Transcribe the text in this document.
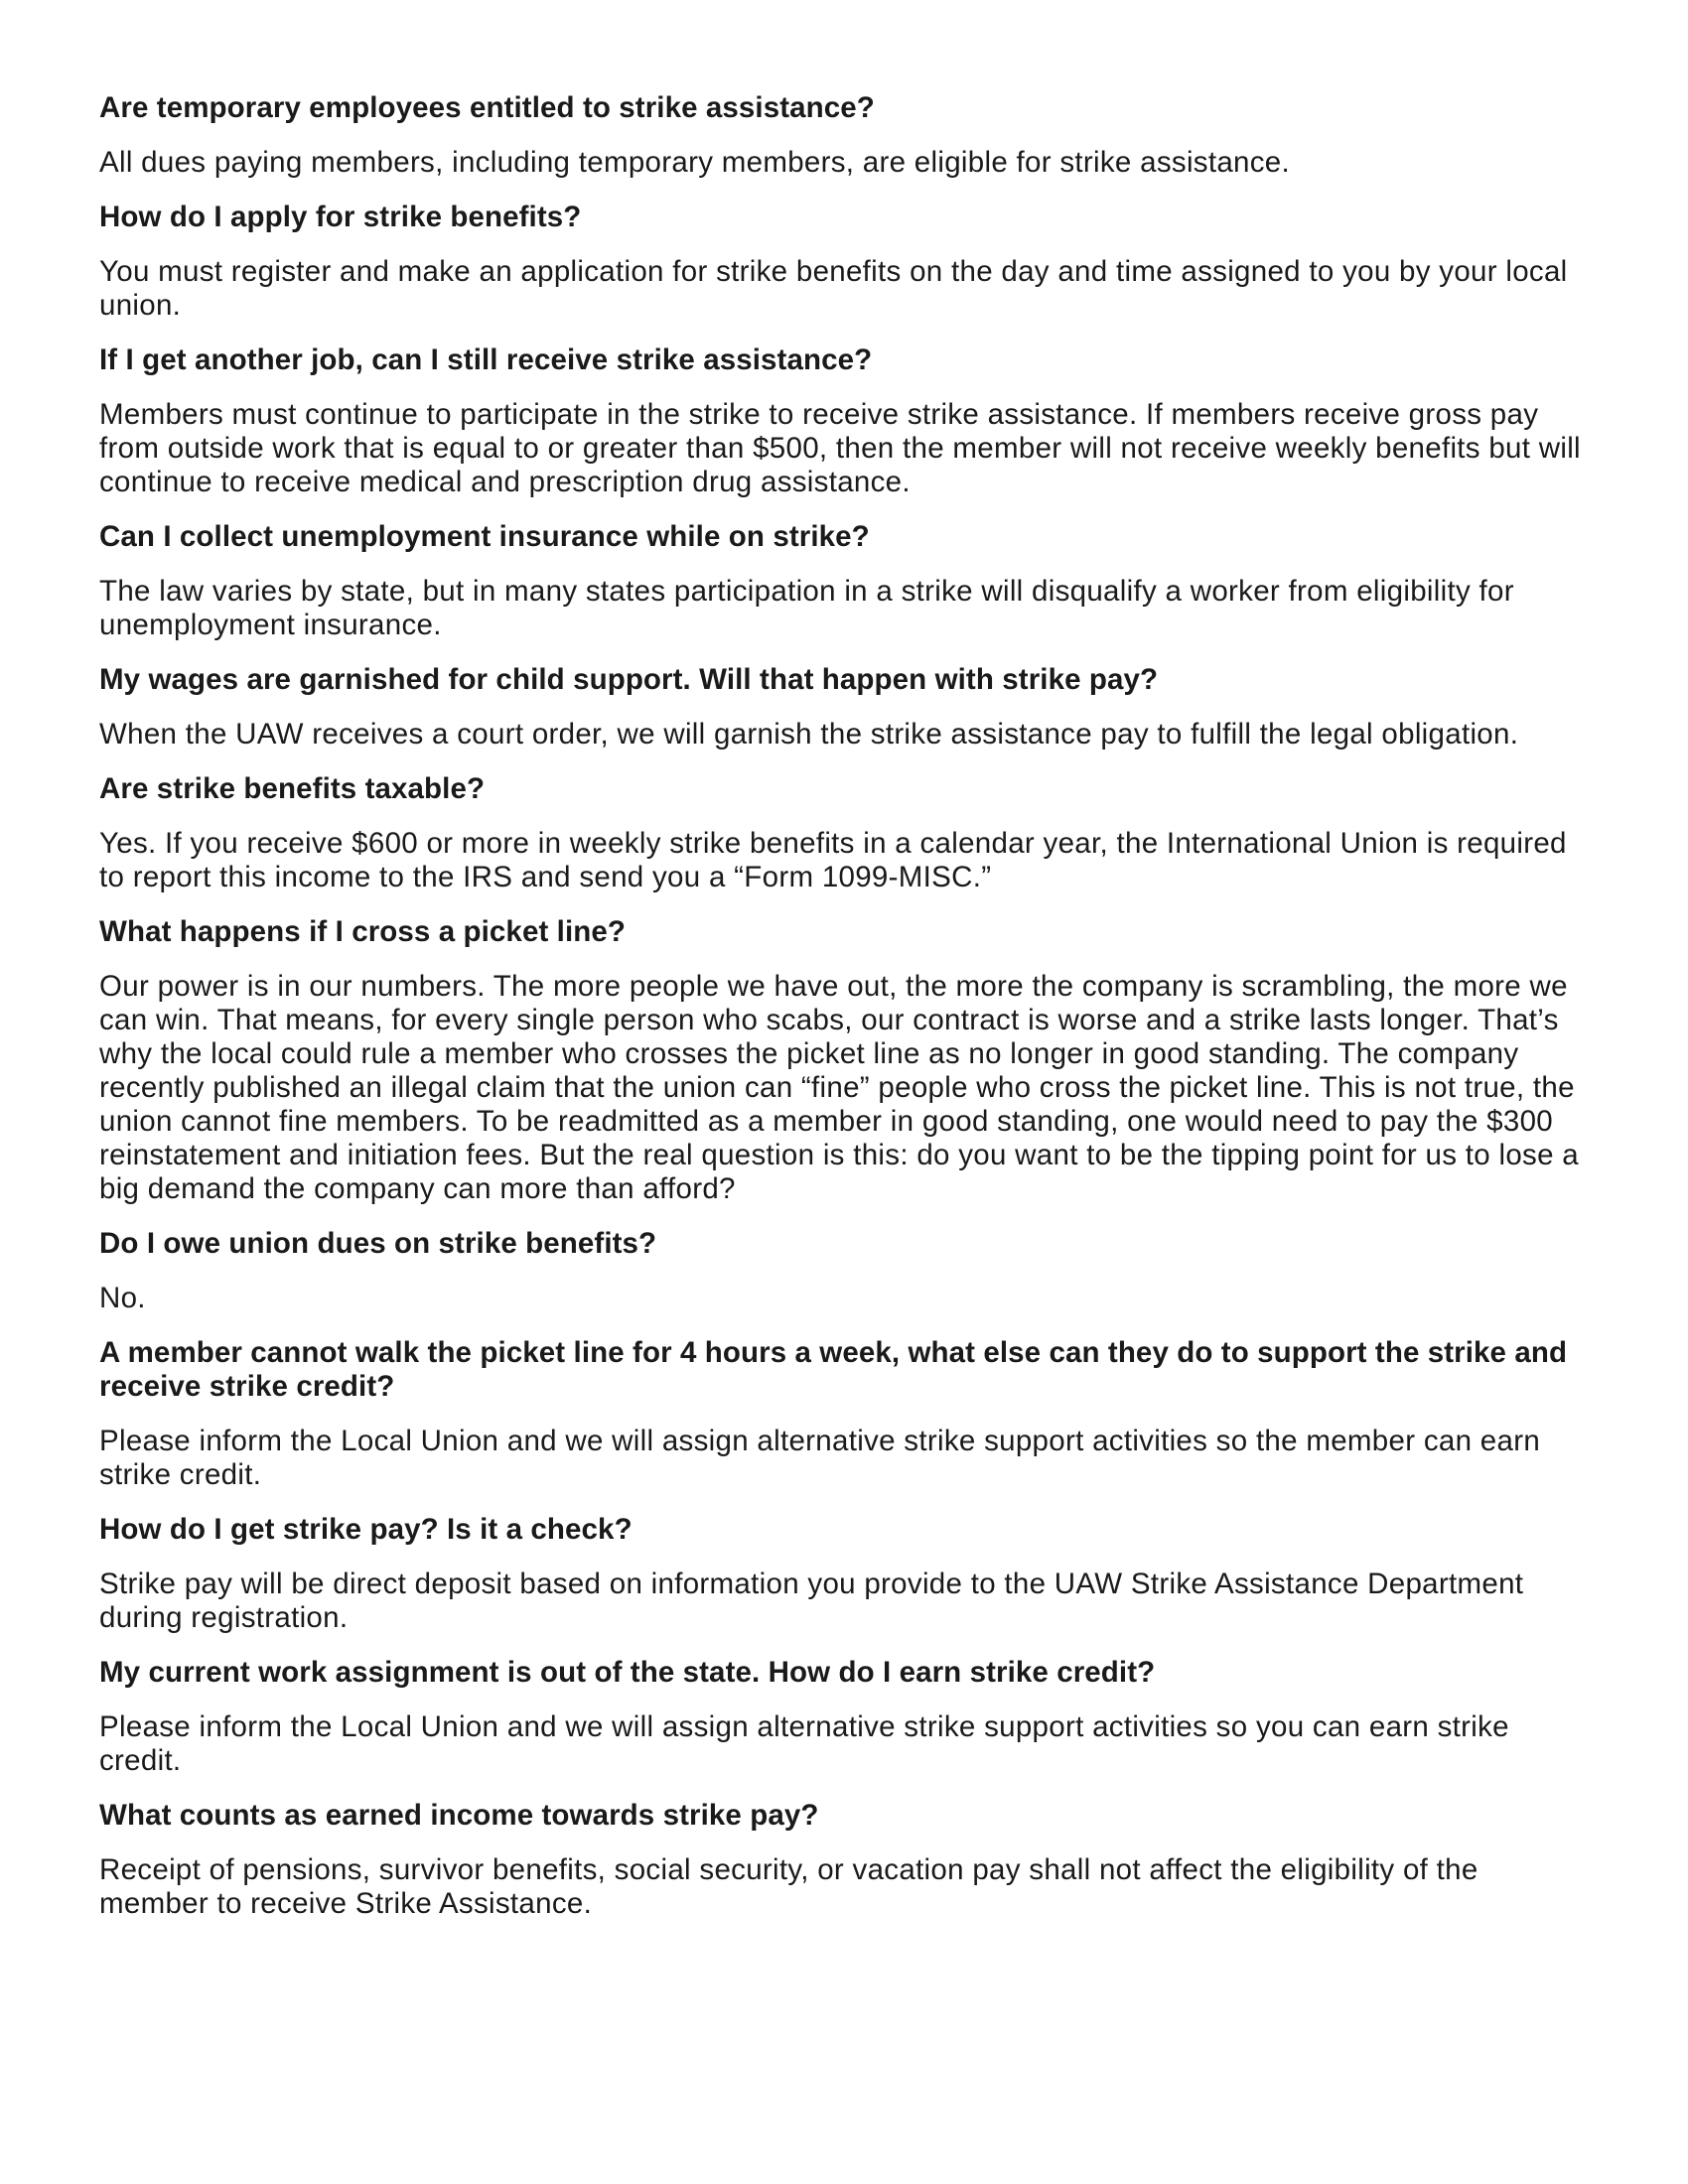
Are temporary employees entitled to strike assistance?

All dues paying members, including temporary members, are eligible for strike assistance.

How do I apply for strike benefits?

You must register and make an application for strike benefits on the day and time assigned to you by your local union.

If I get another job, can I still receive strike assistance?

Members must continue to participate in the strike to receive strike assistance. If members receive gross pay from outside work that is equal to or greater than $500, then the member will not receive weekly benefits but will continue to receive medical and prescription drug assistance.

Can I collect unemployment insurance while on strike?

The law varies by state, but in many states participation in a strike will disqualify a worker from eligibility for unemployment insurance.

My wages are garnished for child support. Will that happen with strike pay?

When the UAW receives a court order, we will garnish the strike assistance pay to fulfill the legal obligation.

Are strike benefits taxable?

Yes. If you receive $600 or more in weekly strike benefits in a calendar year, the International Union is required to report this income to the IRS and send you a “Form 1099-MISC.”

What happens if I cross a picket line?

Our power is in our numbers. The more people we have out, the more the company is scrambling, the more we can win. That means, for every single person who scabs, our contract is worse and a strike lasts longer. That’s why the local could rule a member who crosses the picket line as no longer in good standing. The company recently published an illegal claim that the union can “fine” people who cross the picket line. This is not true, the union cannot fine members. To be readmitted as a member in good standing, one would need to pay the $300 reinstatement and initiation fees. But the real question is this: do you want to be the tipping point for us to lose a big demand the company can more than afford?

Do I owe union dues on strike benefits?

No.

A member cannot walk the picket line for 4 hours a week, what else can they do to support the strike and receive strike credit?

Please inform the Local Union and we will assign alternative strike support activities so the member can earn strike credit.

How do I get strike pay? Is it a check?

Strike pay will be direct deposit based on information you provide to the UAW Strike Assistance Department during registration.

My current work assignment is out of the state. How do I earn strike credit?

Please inform the Local Union and we will assign alternative strike support activities so you can earn strike credit.

What counts as earned income towards strike pay?

Receipt of pensions, survivor benefits, social security, or vacation pay shall not affect the eligibility of the member to receive Strike Assistance.
